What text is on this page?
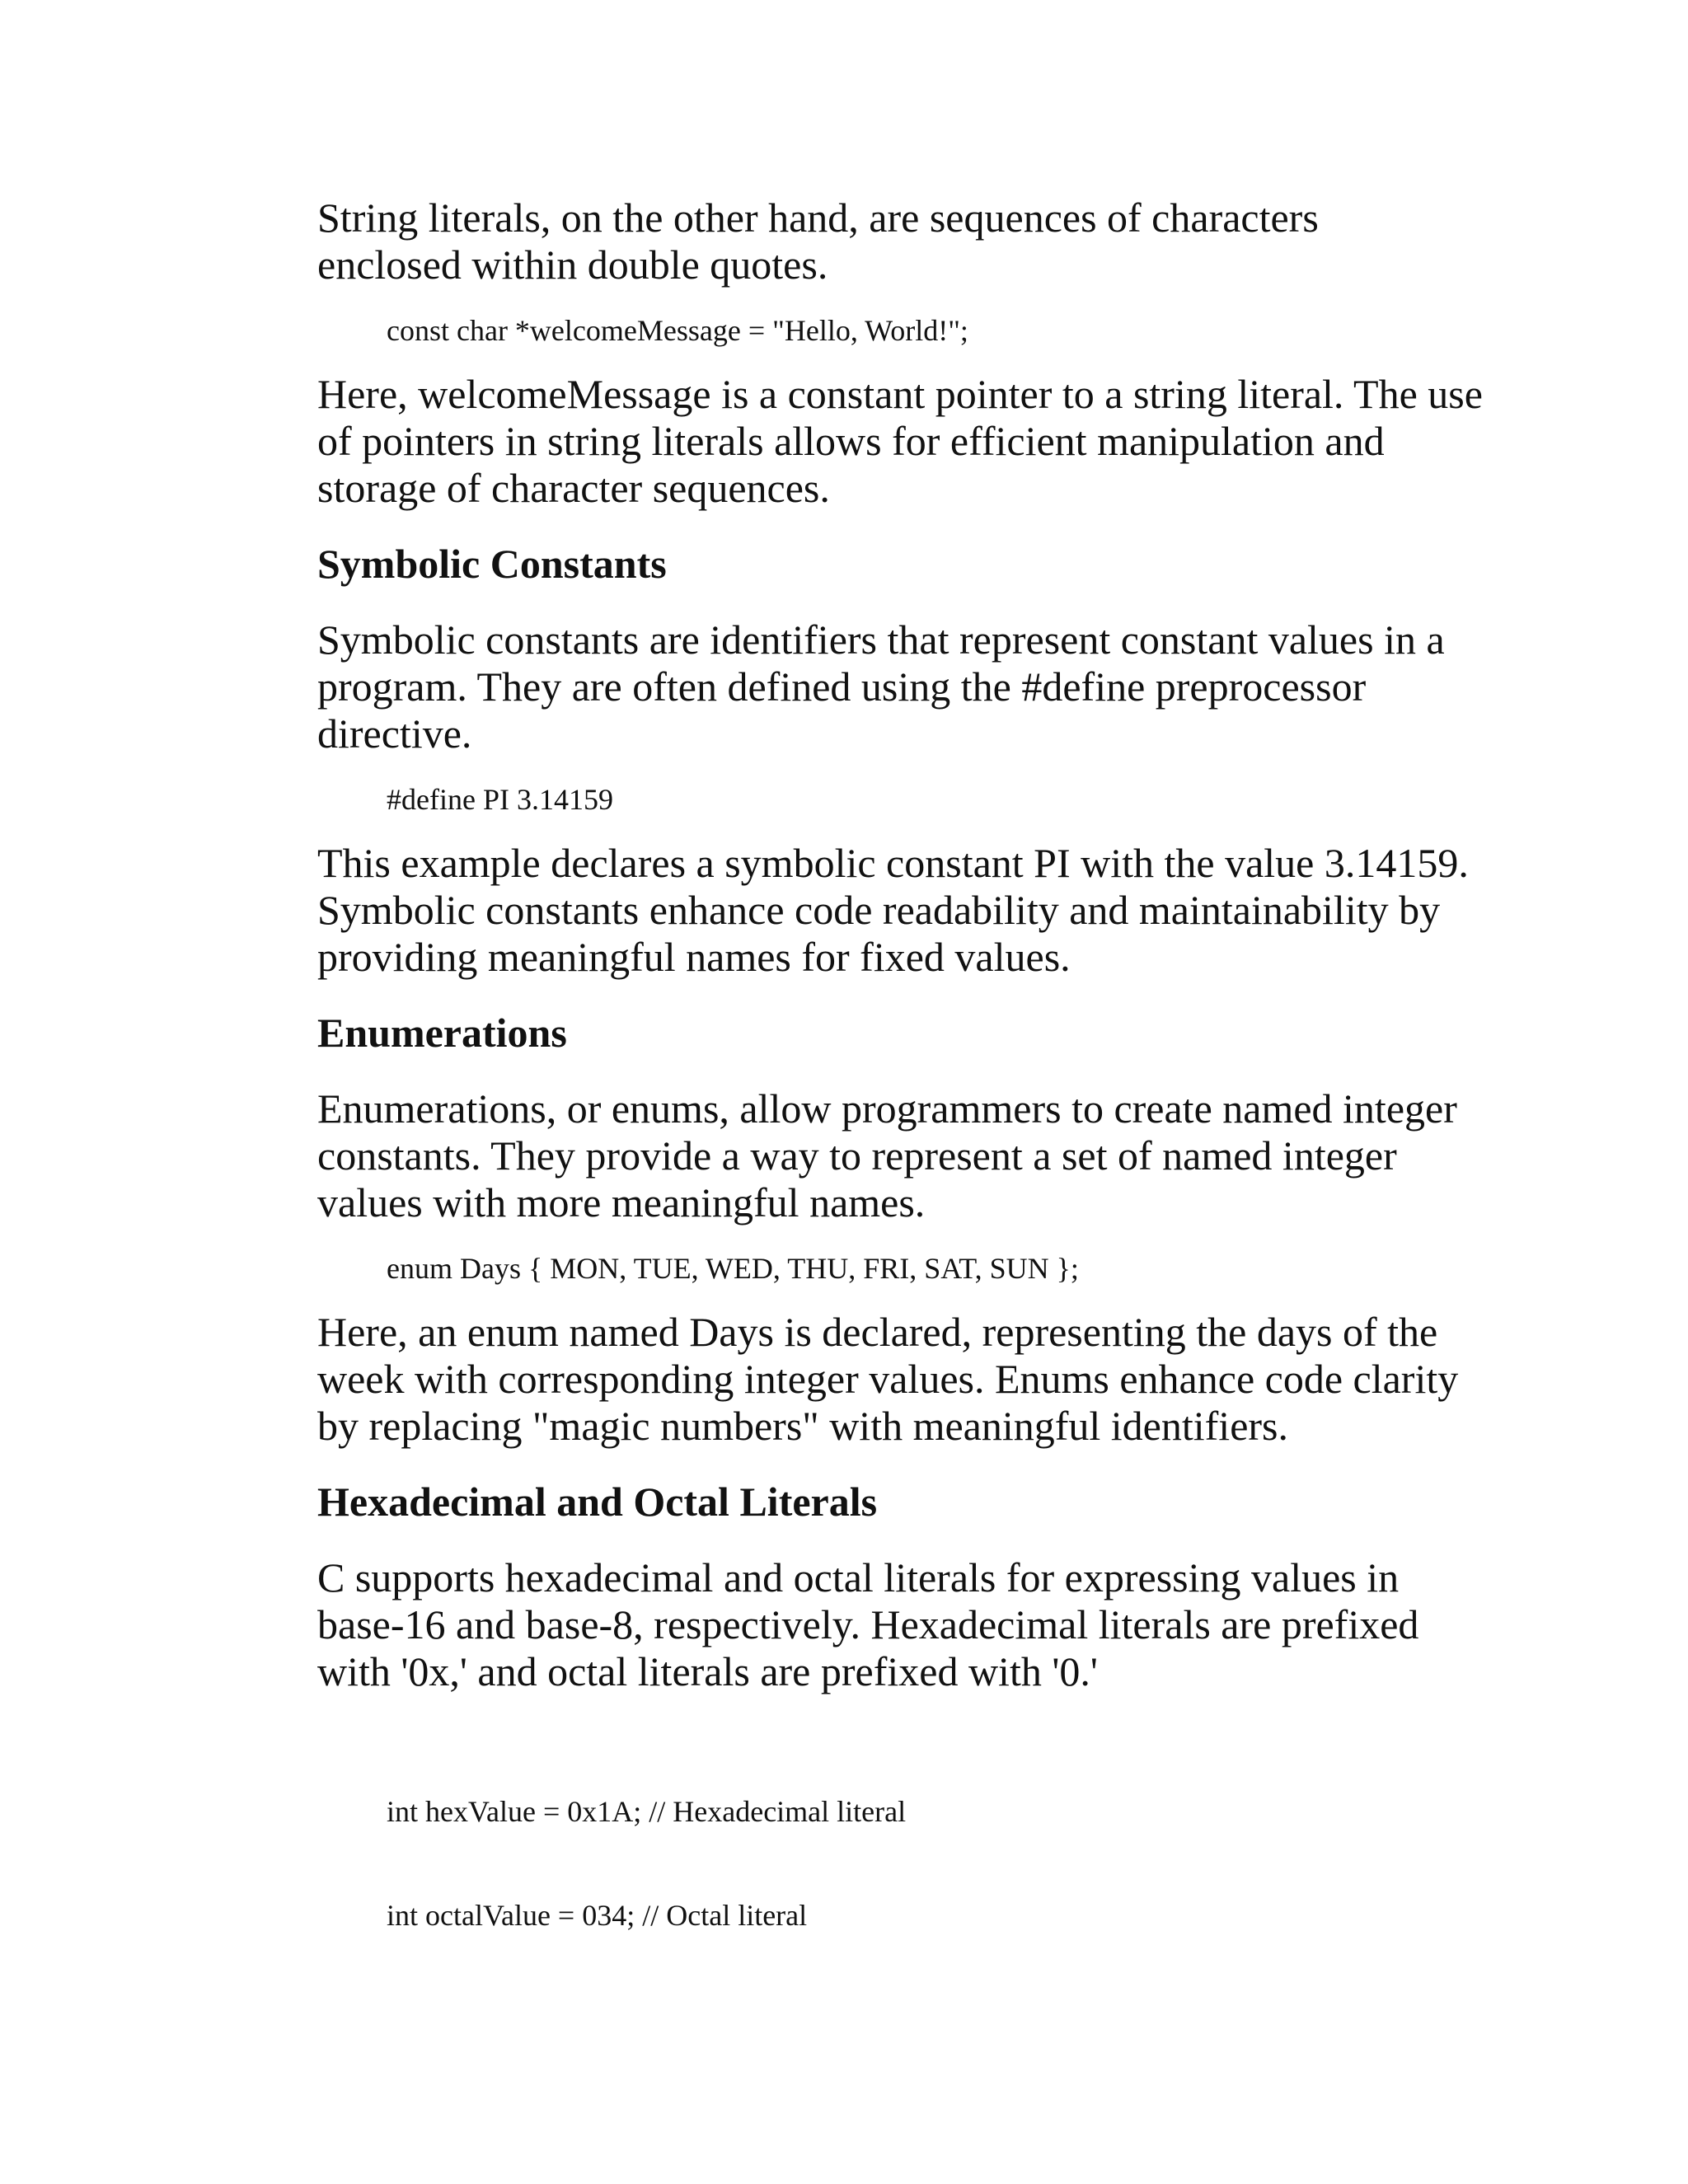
String literals, on the other hand, are sequences of characters enclosed within double quotes.

const char *welcomeMessage = "Hello, World!";

Here, welcomeMessage is a constant pointer to a string literal. The use of pointers in string literals allows for efficient manipulation and storage of character sequences.

Symbolic Constants

Symbolic constants are identifiers that represent constant values in a program. They are often defined using the #define preprocessor directive.

#define PI 3.14159

This example declares a symbolic constant PI with the value 3.14159. Symbolic constants enhance code readability and maintainability by providing meaningful names for fixed values.

Enumerations

Enumerations, or enums, allow programmers to create named integer constants. They provide a way to represent a set of named integer values with more meaningful names.

enum Days { MON, TUE, WED, THU, FRI, SAT, SUN };

Here, an enum named Days is declared, representing the days of the week with corresponding integer values. Enums enhance code clarity by replacing "magic numbers" with meaningful identifiers.

Hexadecimal and Octal Literals

C supports hexadecimal and octal literals for expressing values in base-16 and base-8, respectively. Hexadecimal literals are prefixed with '0x,' and octal literals are prefixed with '0.'

int hexValue = 0x1A; // Hexadecimal literal

int octalValue = 034; // Octal literal
